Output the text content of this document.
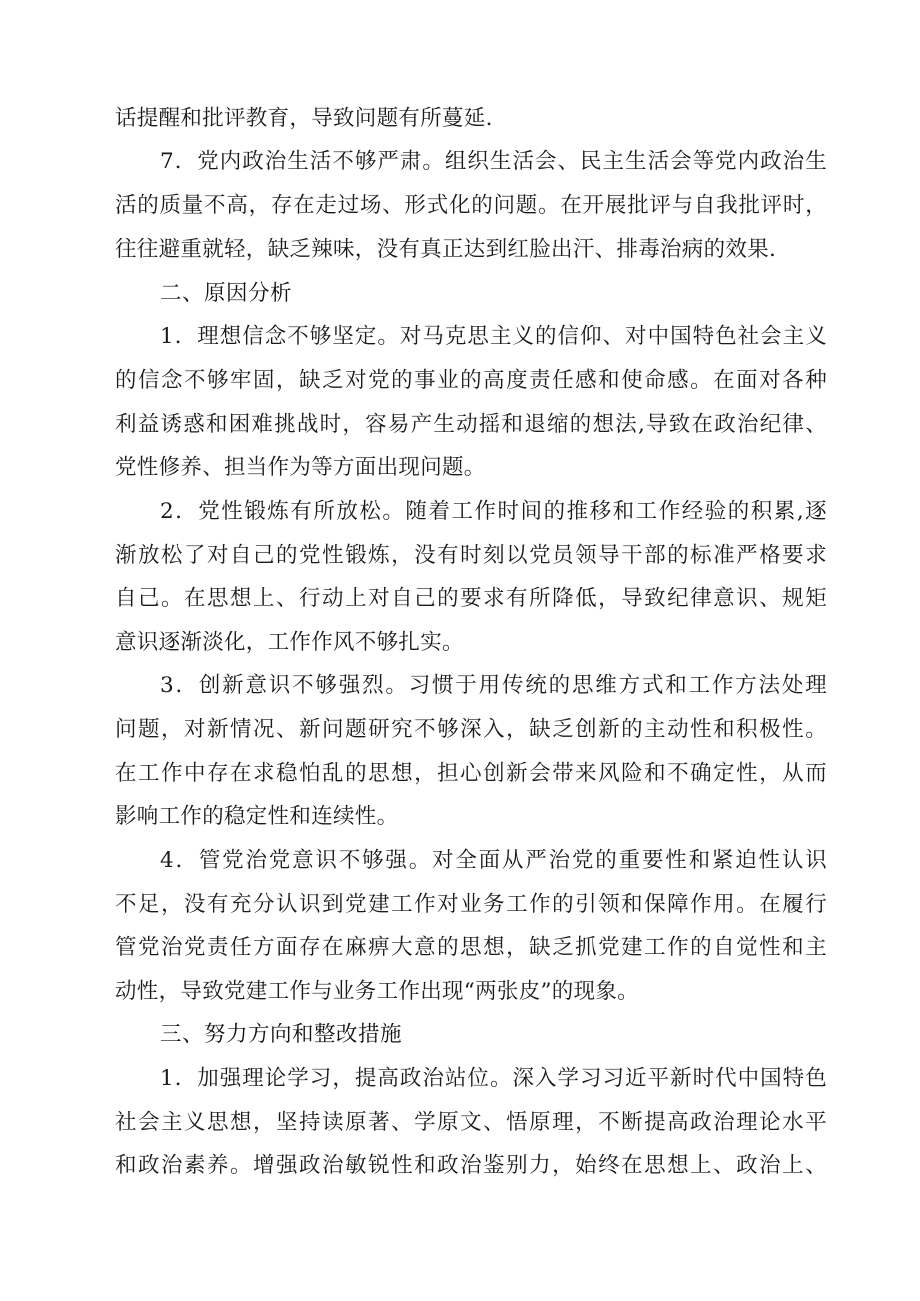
话提醒和批评教育，导致问题有所蔓延.
7．党内政治生活不够严肃。组织生活会、民主生活会等党内政治生
活的质量不高，存在走过场、形式化的问题。在开展批评与自我批评时，
往往避重就轻，缺乏辣味，没有真正达到红脸出汗、排毒治病的效果.
二、原因分析
1．理想信念不够坚定。对马克思主义的信仰、对中国特色社会主义
的信念不够牢固，缺乏对党的事业的高度责任感和使命感。在面对各种
利益诱惑和困难挑战时，容易产生动摇和退缩的想法,导致在政治纪律、
党性修养、担当作为等方面出现问题。
2．党性锻炼有所放松。随着工作时间的推移和工作经验的积累,逐
渐放松了对自己的党性锻炼，没有时刻以党员领导干部的标准严格要求
自己。在思想上、行动上对自己的要求有所降低，导致纪律意识、规矩
意识逐渐淡化，工作作风不够扎实。
3．创新意识不够强烈。习惯于用传统的思维方式和工作方法处理
问题，对新情况、新问题研究不够深入，缺乏创新的主动性和积极性。
在工作中存在求稳怕乱的思想，担心创新会带来风险和不确定性，从而
影响工作的稳定性和连续性。
4．管党治党意识不够强。对全面从严治党的重要性和紧迫性认识
不足，没有充分认识到党建工作对业务工作的引领和保障作用。在履行
管党治党责任方面存在麻痹大意的思想，缺乏抓党建工作的自觉性和主
动性，导致党建工作与业务工作出现“两张皮”的现象。
三、努力方向和整改措施
1．加强理论学习，提高政治站位。深入学习习近平新时代中国特色
社会主义思想，坚持读原著、学原文、悟原理，不断提高政治理论水平
和政治素养。增强政治敏锐性和政治鉴别力，始终在思想上、政治上、
